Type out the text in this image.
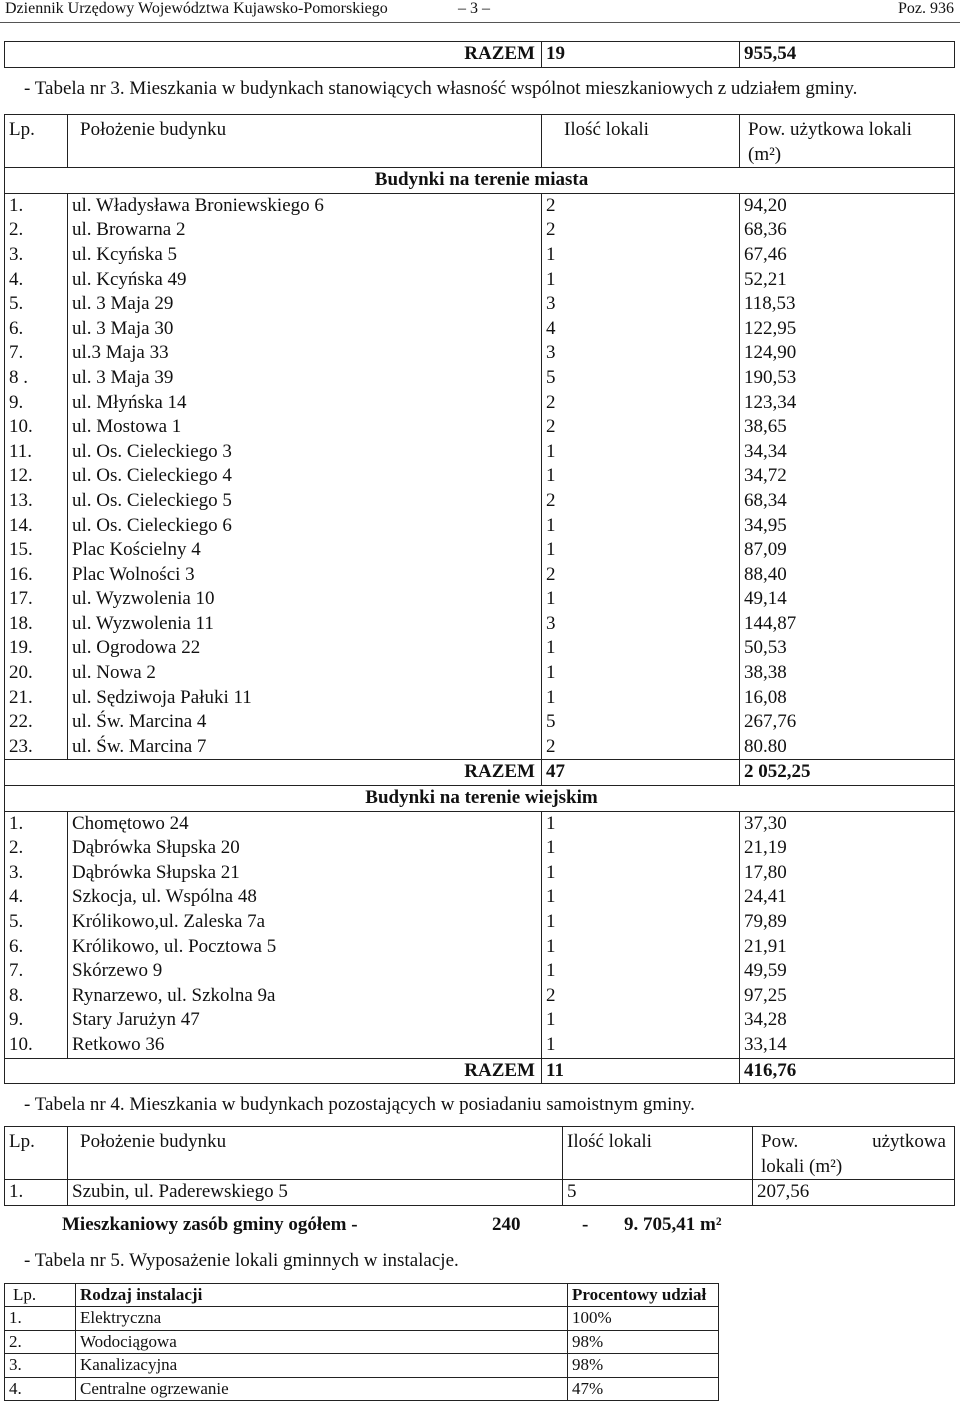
Dziennik Urzędowy Województwa Kujawsko-Pomorskiego	– 3 –	Poz. 936
RAZEM	19	955,54
- Tabela nr 3. Mieszkania w budynkach stanowiących własność wspólnot mieszkaniowych z udziałem gminy.
Lp.	Położenie budynku	Ilość lokali	Pow. użytkowa lokali
			(m²)
Budynki na terenie miasta			
1.	ul. Władysława Broniewskiego 6	2	94,20
2.	ul. Browarna 2	2	68,36
3.	ul. Kcyńska 5	1	67,46
4.	ul. Kcyńska 49	1	52,21
5.	ul. 3 Maja 29	3	118,53
6.	ul. 3 Maja 30	4	122,95
7.	ul.3 Maja 33	3	124,90
8 .	ul. 3 Maja 39	5	190,53
9.	ul. Młyńska 14	2	123,34
10.	ul. Mostowa 1	2	38,65
11.	ul. Os. Cieleckiego 3	1	34,34
12.	ul. Os. Cieleckiego 4	1	34,72
13.	ul. Os. Cieleckiego 5	2	68,34
14.	ul. Os. Cieleckiego 6	1	34,95
15.	Plac Kościelny 4	1	87,09
16.	Plac Wolności 3	2	88,40
17.	ul. Wyzwolenia 10	1	49,14
18.	ul. Wyzwolenia 11	3	144,87
19.	ul. Ogrodowa 22	1	50,53
20.	ul. Nowa 2	1	38,38
21.	ul. Sędziwoja Pałuki 11	1	16,08
22.	ul. Św. Marcina 4	5	267,76
23.	ul. Św. Marcina 7	2	80.80
RAZEM		47	2 052,25
Budynki na terenie wiejskim			
1.	Chomętowo 24	1	37,30
2.	Dąbrówka Słupska 20	1	21,19
3.	Dąbrówka Słupska 21	1	17,80
4.	Szkocja, ul. Wspólna 48	1	24,41
5.	Królikowo,ul. Zaleska 7a	1	79,89
6.	Królikowo, ul. Pocztowa 5	1	21,91
7.	Skórzewo 9	1	49,59
8.	Rynarzewo, ul. Szkolna 9a	2	97,25
9.	Stary Jarużyn 47	1	34,28
10.	Retkowo 36	1	33,14
RAZEM		11	416,76
- Tabela nr 4. Mieszkania w budynkach pozostających w posiadaniu samoistnym gminy.
Lp.	Położenie budynku	Ilość lokali	Pow. użytkowa

			lokali (m²)
1.	Szubin, ul. Paderewskiego 5	5	207,56
Mieszkaniowy zasób gminy ogółem -	240	- 9. 705,41 m²
- Tabela nr 5. Wyposażenie lokali gminnych w instalacje.
Lp.	Rodzaj instalacji	Procentowy udział
1.	Elektryczna	100%
2.	Wodociągowa	98%
3.	Kanalizacyjna	98%
4.	Centralne ogrzewanie	47%
